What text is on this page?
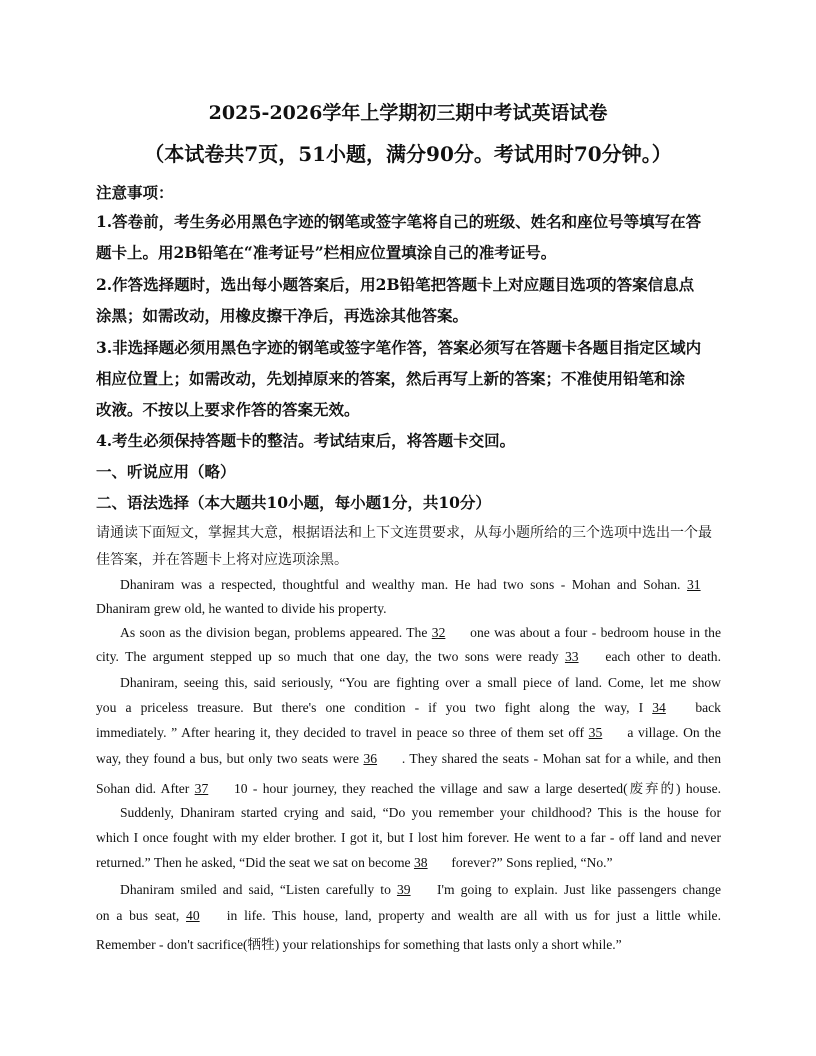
2025-2026学年上学期初三期中考试英语试卷
（本试卷共7页，51小题，满分90分。考试用时70分钟。）
注意事项：
1.答卷前，考生务必用黑色字迹的钢笔或签字笔将自己的班级、姓名和座位号等填写在答
题卡上。用2B铅笔在“准考证号”栏相应位置填涂自己的准考证号。
2.作答选择题时，选出每小题答案后，用2B铅笔把答题卡上对应题目选项的答案信息点
涂黑；如需改动，用橡皮擦干净后，再选涂其他答案。
3.非选择题必须用黑色字迹的钢笔或签字笔作答，答案必须写在答题卡各题目指定区域内
相应位置上；如需改动，先划掉原来的答案，然后再写上新的答案；不准使用铅笔和涂
改液。不按以上要求作答的答案无效。
4.考生必须保持答题卡的整洁。考试结束后，将答题卡交回。
一、听说应用（略）
二、语法选择（本大题共10小题，每小题1分，共10分）
请通读下面短文，掌握其大意，根据语法和上下文连贯要求，从每小题所给的三个选项中选出一个最
佳答案，并在答题卡上将对应选项涂黑。
Dhaniram was a respected, thoughtful and wealthy man. He had two sons - Mohan and Sohan. 31
Dhaniram grew old, he wanted to divide his property.
As soon as the division began, problems appeared. The 32 one was about a four - bedroom house in the
city. The argument stepped up so much that one day, the two sons were ready 33 each other to death.
Dhaniram, seeing this, said seriously, “You are fighting over a small piece of land. Come, let me show
you a priceless treasure. But there's one condition - if you two fight along the way, I 34 back
immediately. ” After hearing it, they decided to travel in peace so three of them set off 35 a village. On the
way, they found a bus, but only two seats were 36 . They shared the seats - Mohan sat for a while, and then
Sohan did. After 37 10 - hour journey, they reached the village and saw a large deserted(废弃的) house.
Suddenly, Dhaniram started crying and said, “Do you remember your childhood? This is the house for
which I once fought with my elder brother. I got it, but I lost him forever. He went to a far - off land and never
returned.” Then he asked, “Did the seat we sat on become 38 forever?” Sons replied, “No.”
Dhaniram smiled and said, “Listen carefully to 39 I'm going to explain. Just like passengers change
on a bus seat, 40 in life. This house, land, property and wealth are all with us for just a little while.
Remember - don't sacrifice(牺牲) your relationships for something that lasts only a short while.”
